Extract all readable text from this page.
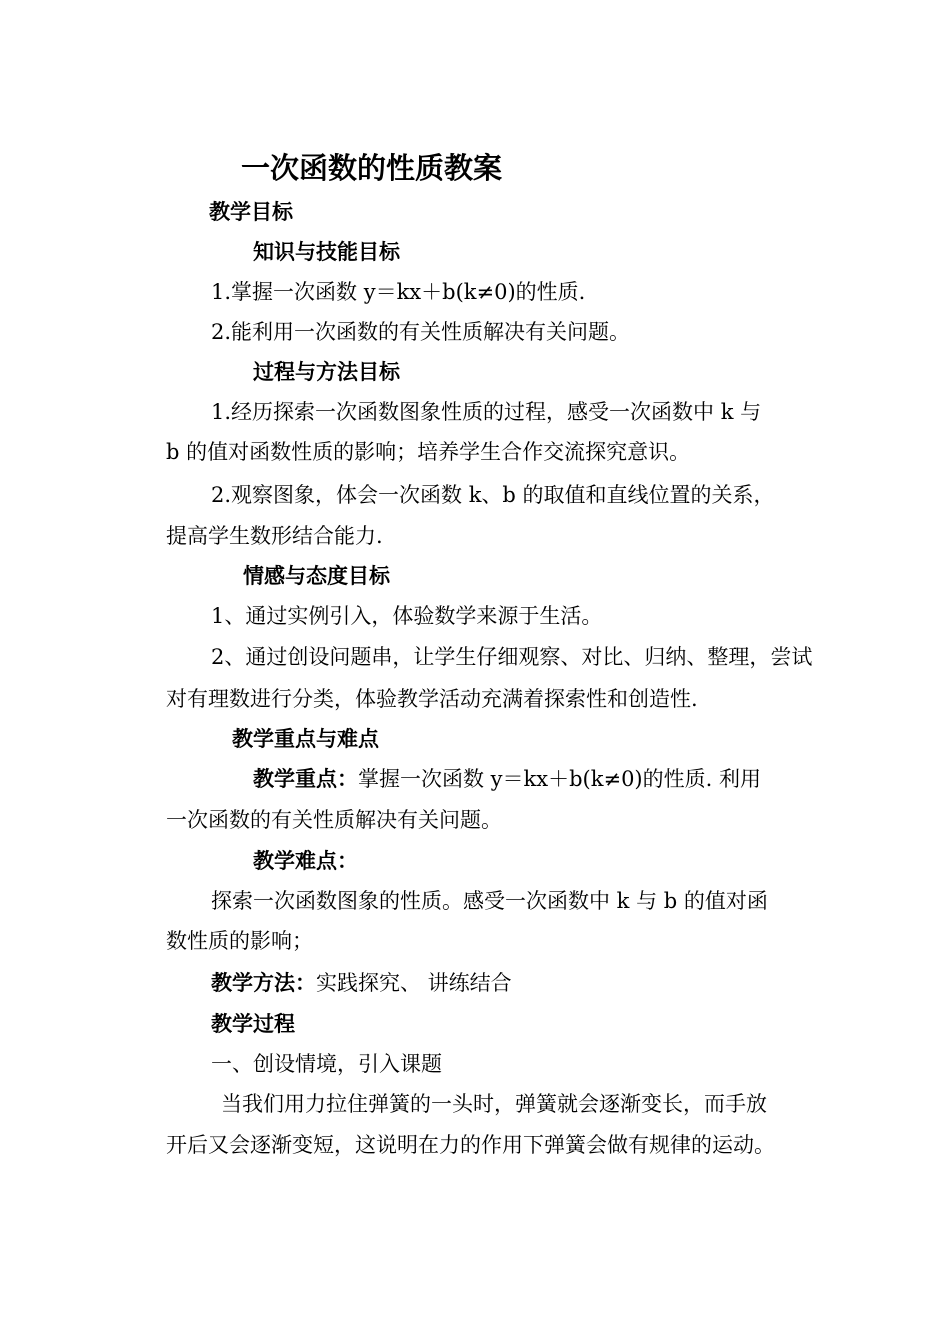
一次函数的性质教案
教学目标
知识与技能目标
1.掌握一次函数 y＝kx＋b(k≠0)的性质.
2.能利用一次函数的有关性质解决有关问题。
过程与方法目标
1.经历探索一次函数图象性质的过程，感受一次函数中 k 与
b 的值对函数性质的影响；培养学生合作交流探究意识。
2.观察图象，体会一次函数 k、b 的取值和直线位置的关系，
提高学生数形结合能力.
情感与态度目标
1、通过实例引入，体验数学来源于生活。
2、通过创设问题串，让学生仔细观察、对比、归纳、整理，尝试
对有理数进行分类，体验教学活动充满着探索性和创造性.
教学重点与难点
教学重点：掌握一次函数 y＝kx＋b(k≠0)的性质. 利用
一次函数的有关性质解决有关问题。
教学难点：
探索一次函数图象的性质。感受一次函数中 k 与 b 的值对函
数性质的影响；
教学方法：实践探究、 讲练结合
教学过程
一、创设情境，引入课题
当我们用力拉住弹簧的一头时，弹簧就会逐渐变长，而手放
开后又会逐渐变短，这说明在力的作用下弹簧会做有规律的运动。
